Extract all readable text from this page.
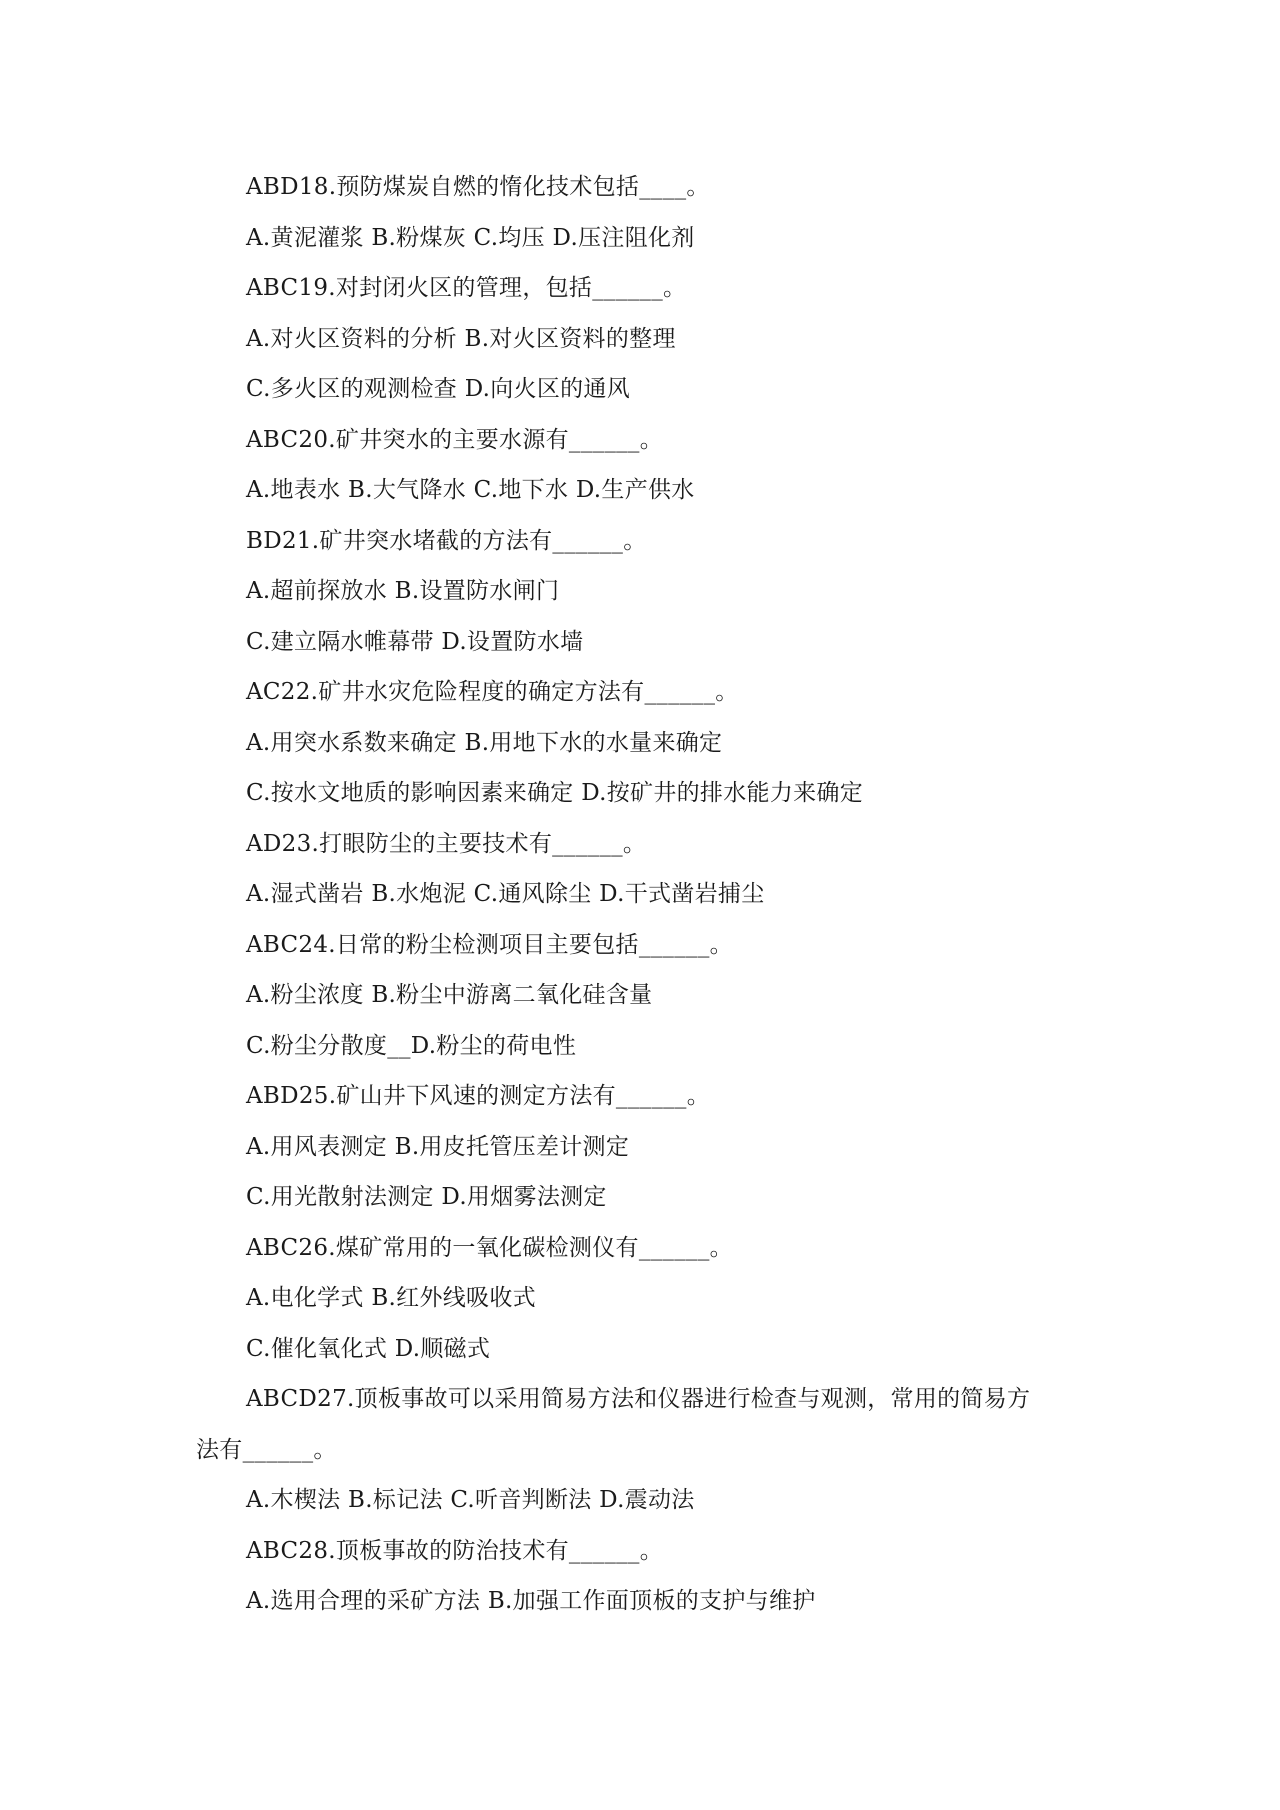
ABD18.预防煤炭自燃的惰化技术包括____。
A.黄泥灌浆 B.粉煤灰 C.均压 D.压注阻化剂
ABC19.对封闭火区的管理，包括______。
A.对火区资料的分析 B.对火区资料的整理
C.多火区的观测检查 D.向火区的通风
ABC20.矿井突水的主要水源有______。
A.地表水 B.大气降水 C.地下水 D.生产供水
BD21.矿井突水堵截的方法有______。
A.超前探放水 B.设置防水闸门
C.建立隔水帷幕带 D.设置防水墙
AC22.矿井水灾危险程度的确定方法有______。
A.用突水系数来确定 B.用地下水的水量来确定
C.按水文地质的影响因素来确定 D.按矿井的排水能力来确定
AD23.打眼防尘的主要技术有______。
A.湿式凿岩 B.水炮泥 C.通风除尘 D.干式凿岩捕尘
ABC24.日常的粉尘检测项目主要包括______。
A.粉尘浓度 B.粉尘中游离二氧化硅含量
C.粉尘分散度__D.粉尘的荷电性
ABD25.矿山井下风速的测定方法有______。
A.用风表测定 B.用皮托管压差计测定
C.用光散射法测定 D.用烟雾法测定
ABC26.煤矿常用的一氧化碳检测仪有______。
A.电化学式 B.红外线吸收式
C.催化氧化式 D.顺磁式
ABCD27.顶板事故可以采用简易方法和仪器进行检查与观测，常用的简易方
法有______。
A.木楔法 B.标记法 C.听音判断法 D.震动法
ABC28.顶板事故的防治技术有______。
A.选用合理的采矿方法 B.加强工作面顶板的支护与维护
